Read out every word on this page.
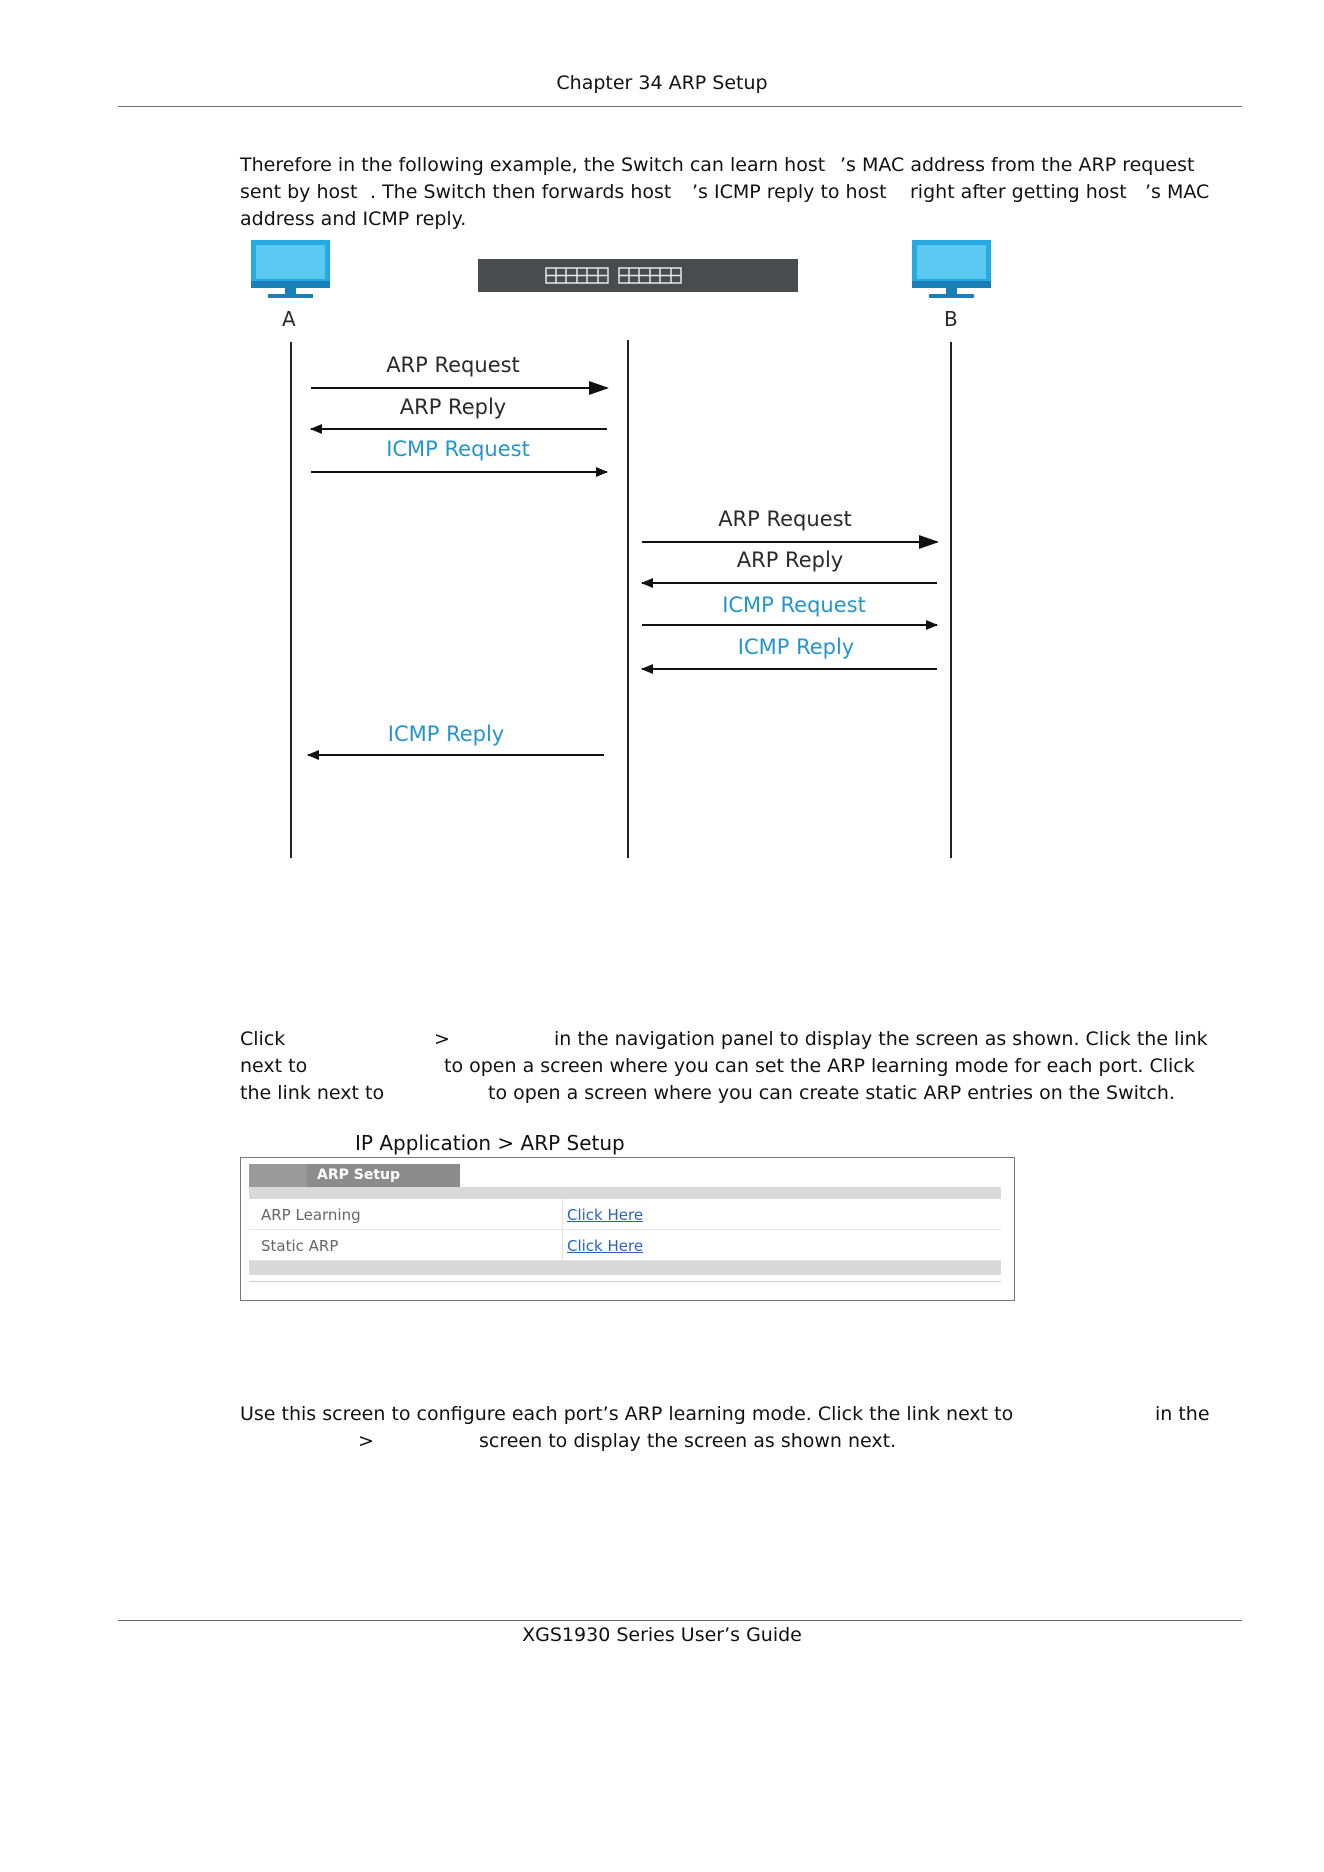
Chapter 34 ARP Setup
Therefore in the following example, the Switch can learn host ’s MAC address from the ARP request
sent by host . The Switch then forwards host ’s ICMP reply to host right after getting host ’s MAC
address and ICMP reply.
A	B
ARP Request
ARP Reply
ICMP Request
ARP Request
ARP Reply
ICMP Request
ICMP Reply
ICMP Reply
Click	>	in the navigation panel to display the screen as shown. Click the link
next to	to open a screen where you can set the ARP learning mode for each port. Click
the link next to	to open a screen where you can create static ARP entries on the Switch.
IP Application > ARP Setup
ARP Setup
ARP Learning	Click Here
Static ARP	Click Here
Use this screen to configure each port’s ARP learning mode. Click the link next to	in the
>	screen to display the screen as shown next.
XGS1930 Series User’s Guide
